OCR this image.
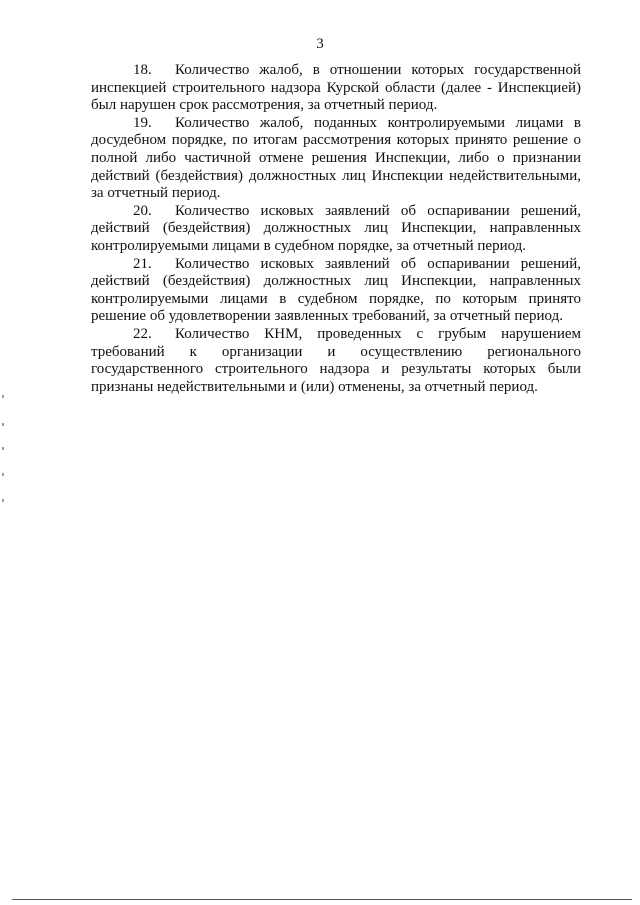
3

18. Количество жалоб, в отношении которых государственной инспекцией строительного надзора Курской области (далее - Инспекцией) был нарушен срок рассмотрения, за отчетный период.

19. Количество жалоб, поданных контролируемыми лицами в досудебном порядке, по итогам рассмотрения которых принято решение о полной либо частичной отмене решения Инспекции, либо о признании действий (бездействия) должностных лиц Инспекции недействительными, за отчетный период.

20. Количество исковых заявлений об оспаривании решений, действий (бездействия) должностных лиц Инспекции, направленных контролируемыми лицами в судебном порядке, за отчетный период.

21. Количество исковых заявлений об оспаривании решений, действий (бездействия) должностных лиц Инспекции, направленных контролируемыми лицами в судебном порядке, по которым принято решение об удовлетворении заявленных требований, за отчетный период.

22. Количество КНМ, проведенных с грубым нарушением требований к организации и осуществлению регионального государственного строительного надзора и результаты которых были признаны недействительными и (или) отменены, за отчетный период.
